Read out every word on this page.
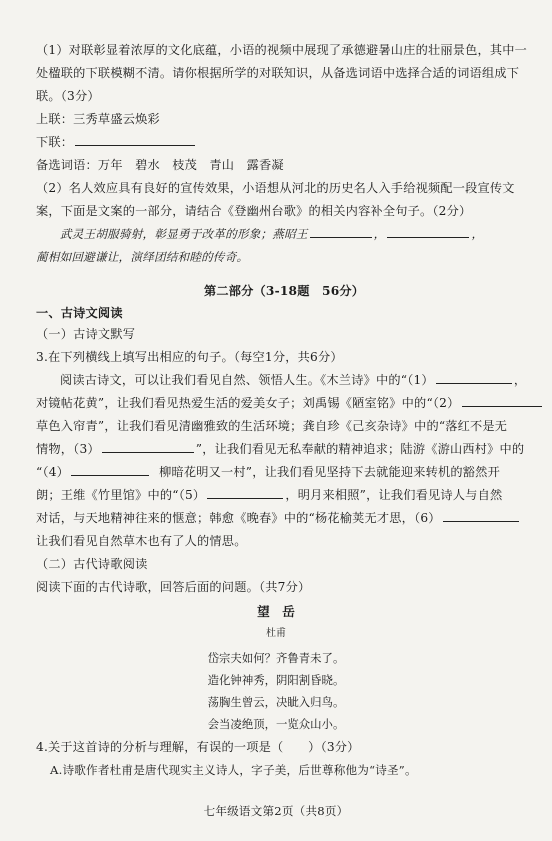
（1）对联彰显着浓厚的文化底蕴，小语的视频中展现了承德避暑山庄的壮丽景色，其中一
处楹联的下联模糊不清。请你根据所学的对联知识，从备选词语中选择合适的词语组成下
联。（3分）
上联：三秀草盛云焕彩
下联：
备选词语：万年　碧水　枝茂　青山　露香凝
（2）名人效应具有良好的宣传效果，小语想从河北的历史名人入手给视频配一段宣传文
案，下面是文案的一部分，请结合《登幽州台歌》的相关内容补全句子。（2分）
武灵王胡服骑射，彰显勇于改革的形象；燕昭王	，	，
蔺相如回避谦让，演绎团结和睦的传奇。
第二部分（3-18题　56分）
一、古诗文阅读
（一）古诗文默写
3.在下列横线上填写出相应的句子。（每空1分，共6分）
阅读古诗文，可以让我们看见自然、领悟人生。《木兰诗》中的“（1）	，
对镜帖花黄”，让我们看见热爱生活的爱美女子；刘禹锡《陋室铭》中的“（2）
草色入帘青”，让我们看见清幽雅致的生活环境；龚自珍《己亥杂诗》中的“落红不是无
情物，（3）	”，让我们看见无私奉献的精神追求；陆游《游山西村》中的
“（4）	柳暗花明又一村”，让我们看见坚持下去就能迎来转机的豁然开
朗；王维《竹里馆》中的“（5）	，明月来相照”，让我们看见诗人与自然
对话，与天地精神往来的惬意；韩愈《晚春》中的“杨花榆荚无才思，（6）
让我们看见自然草木也有了人的情思。
（二）古代诗歌阅读
阅读下面的古代诗歌，回答后面的问题。（共7分）
望　岳
杜甫
岱宗夫如何？齐鲁青未了。
造化钟神秀，阴阳割昏晓。
荡胸生曾云，决眦入归鸟。
会当凌绝顶，一览众山小。
4.关于这首诗的分析与理解，有误的一项是（　　）（3分）
A.诗歌作者杜甫是唐代现实主义诗人，字子美，后世尊称他为“诗圣”。
七年级语文第2页（共8页）
